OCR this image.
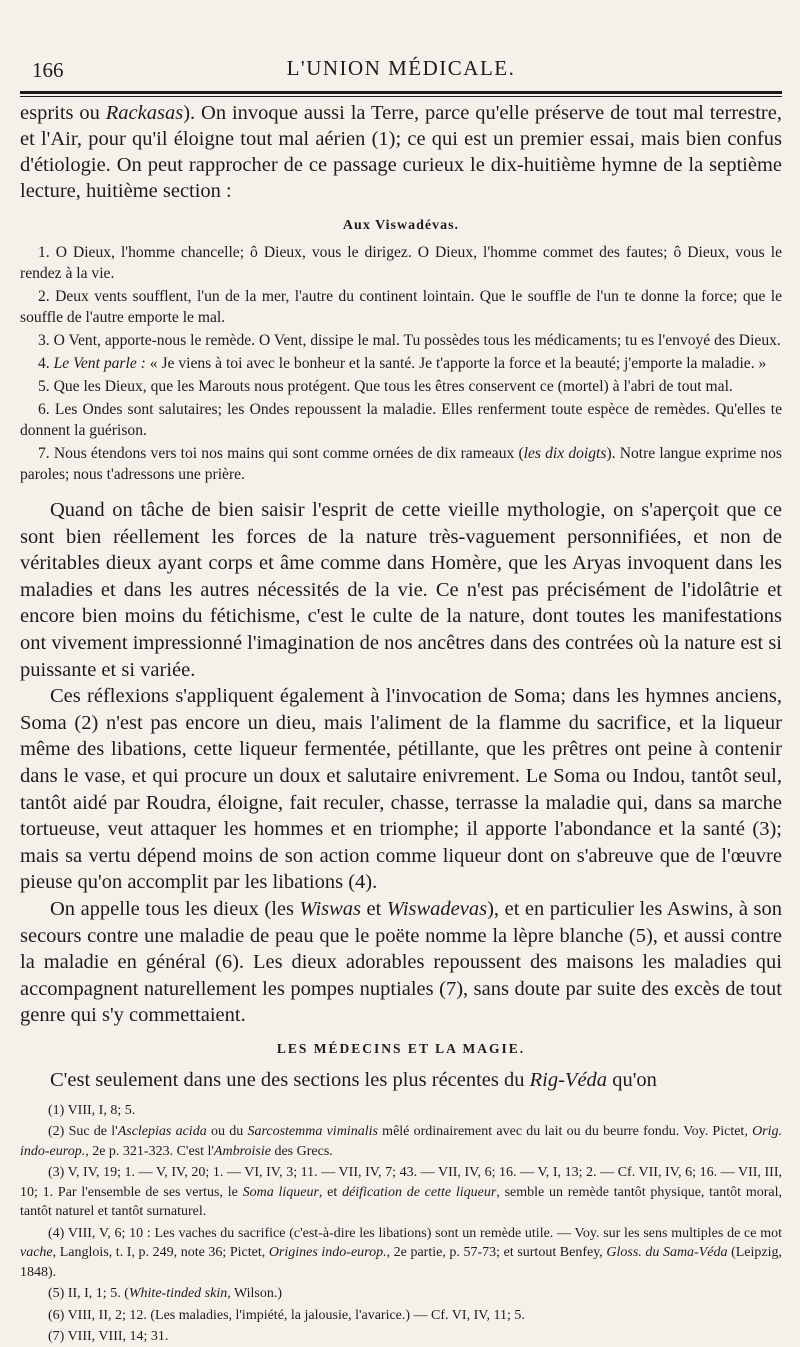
166	L'UNION MÉDICALE.

esprits ou Rackasas). On invoque aussi la Terre, parce qu'elle préserve de tout mal terrestre, et l'Air, pour qu'il éloigne tout mal aérien (1); ce qui est un premier essai, mais bien confus d'étiologie. On peut rapprocher de ce passage curieux le dix-huitième hymne de la septième lecture, huitième section :

Aux Viswadévas.

1. O Dieux, l'homme chancelle; ô Dieux, vous le dirigez. O Dieux, l'homme commet des fautes; ô Dieux, vous le rendez à la vie.

2. Deux vents soufflent, l'un de la mer, l'autre du continent lointain. Que le souffle de l'un te donne la force; que le souffle de l'autre emporte le mal.

3. O Vent, apporte-nous le remède. O Vent, dissipe le mal. Tu possèdes tous les médicaments; tu es l'envoyé des Dieux.

4. Le Vent parle : « Je viens à toi avec le bonheur et la santé. Je t'apporte la force et la beauté; j'emporte la maladie. »

5. Que les Dieux, que les Marouts nous protégent. Que tous les êtres conservent ce (mortel) à l'abri de tout mal.

6. Les Ondes sont salutaires; les Ondes repoussent la maladie. Elles renferment toute espèce de remèdes. Qu'elles te donnent la guérison.

7. Nous étendons vers toi nos mains qui sont comme ornées de dix rameaux (les dix doigts). Notre langue exprime nos paroles; nous t'adressons une prière.

Quand on tâche de bien saisir l'esprit de cette vieille mythologie, on s'aperçoit que ce sont bien réellement les forces de la nature très-vaguement personnifiées, et non de véritables dieux ayant corps et âme comme dans Homère, que les Aryas invoquent dans les maladies et dans les autres nécessités de la vie. Ce n'est pas précisément de l'idolâtrie et encore bien moins du fétichisme, c'est le culte de la nature, dont toutes les manifestations ont vivement impressionné l'imagination de nos ancêtres dans des contrées où la nature est si puissante et si variée.

Ces réflexions s'appliquent également à l'invocation de Soma; dans les hymnes anciens, Soma (2) n'est pas encore un dieu, mais l'aliment de la flamme du sacrifice, et la liqueur même des libations, cette liqueur fermentée, pétillante, que les prêtres ont peine à contenir dans le vase, et qui procure un doux et salutaire enivrement. Le Soma ou Indou, tantôt seul, tantôt aidé par Roudra, éloigne, fait reculer, chasse, terrasse la maladie qui, dans sa marche tortueuse, veut attaquer les hommes et en triomphe; il apporte l'abondance et la santé (3); mais sa vertu dépend moins de son action comme liqueur dont on s'abreuve que de l'œuvre pieuse qu'on accomplit par les libations (4).

On appelle tous les dieux (les Wiswas et Wiswadevas), et en particulier les Aswins, à son secours contre une maladie de peau que le poëte nomme la lèpre blanche (5), et aussi contre la maladie en général (6). Les dieux adorables repoussent des maisons les maladies qui accompagnent naturellement les pompes nuptiales (7), sans doute par suite des excès de tout genre qui s'y commettaient.

LES MÉDECINS ET LA MAGIE.

C'est seulement dans une des sections les plus récentes du Rig-Véda qu'on

(1) VIII, I, 8; 5.

(2) Suc de l'Asclepias acida ou du Sarcostemma viminalis mêlé ordinairement avec du lait ou du beurre fondu. Voy. Pictet, Orig. indo-europ., 2e p. 321-323. C'est l'Ambroisie des Grecs.

(3) V, IV, 19; 1. — V, IV, 20; 1. — VI, IV, 3; 11. — VII, IV, 7; 43. — VII, IV, 6; 16. — V, I, 13; 2. — Cf. VII, IV, 6; 16. — VII, III, 10; 1. Par l'ensemble de ses vertus, le Soma liqueur, et déification de cette liqueur, semble un remède tantôt physique, tantôt moral, tantôt naturel et tantôt surnaturel.

(4) VIII, V, 6; 10 : Les vaches du sacrifice (c'est-à-dire les libations) sont un remède utile. — Voy. sur les sens multiples de ce mot vache, Langlois, t. I, p. 249, note 36; Pictet, Origines indo-europ., 2e partie, p. 57-73; et surtout Benfey, Gloss. du Sama-Véda (Leipzig, 1848).

(5) II, I, 1; 5. (White-tinded skin, Wilson.)

(6) VIII, II, 2; 12. (Les maladies, l'impiété, la jalousie, l'avarice.) — Cf. VI, IV, 11; 5.

(7) VIII, VIII, 14; 31.
